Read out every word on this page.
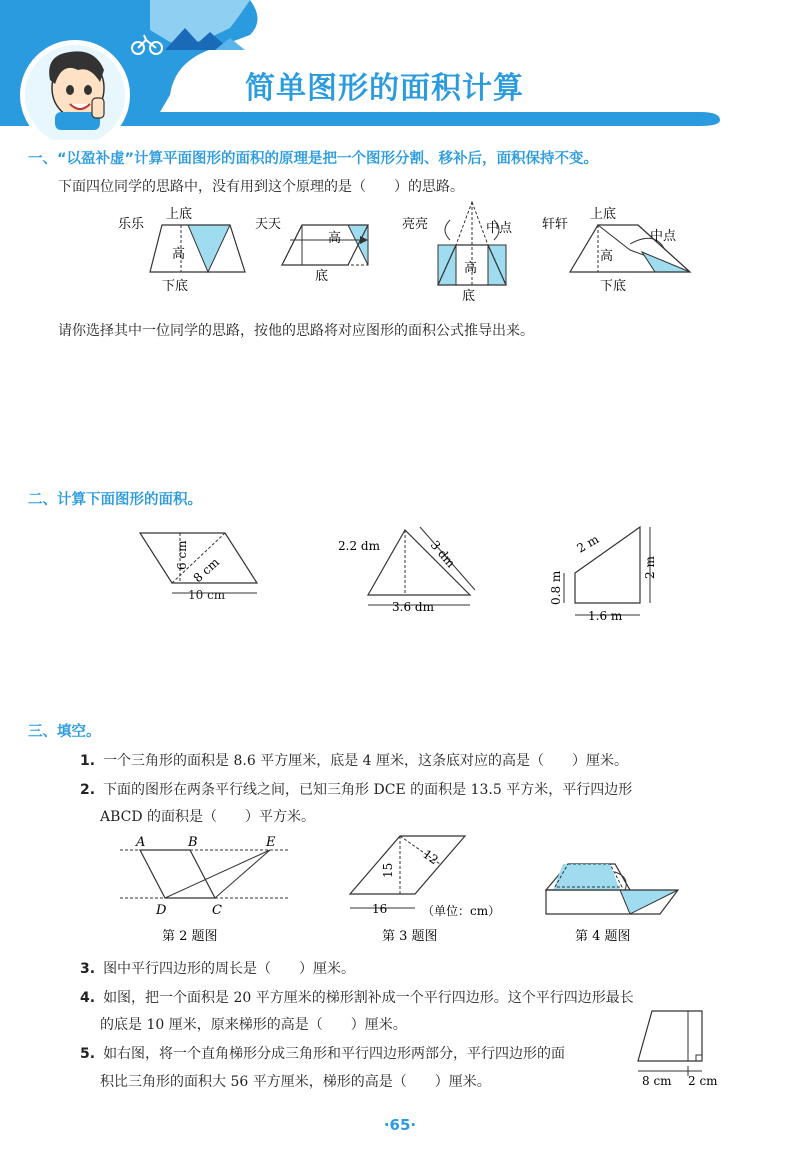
简单图形的面积计算
一、“以盈补虚”计算平面图形的面积的原理是把一个图形分割、移补后，面积保持不变。
下面四位同学的思路中，没有用到这个原理的是（　　）的思路。
乐乐
上底
高
下底
天天
高
底
亮亮	中点
高
底
轩轩
中点
上底
高
下底
请你选择其中一位同学的思路，按他的思路将对应图形的面积公式推导出来。
二、计算下面图形的面积。
6 cm 8 cm
10 cm
2.2 dm	3 dm
3.6 dm
2 m
2 m
0.8 m
1.6 m
三、填空。
1. 一个三角形的面积是 8.6 平方厘米，底是 4 厘米，这条底对应的高是（　　）厘米。
2. 下面的图形在两条平行线之间，已知三角形 DCE 的面积是 13.5 平方米，平行四边形
ABCD 的面积是（　　）平方米。
A	B	E
D	C
第 2 题图
12
15
16	（单位：cm）
第 3 题图	第 4 题图
3. 图中平行四边形的周长是（　　）厘米。
4. 如图，把一个面积是 20 平方厘米的梯形割补成一个平行四边形。这个平行四边形最长
的底是 10 厘米，原来梯形的高是（　　）厘米。
5. 如右图，将一个直角梯形分成三角形和平行四边形两部分，平行四边形的面
积比三角形的面积大 56 平方厘米，梯形的高是（　　）厘米。	8 cm 2 cm
·65·
